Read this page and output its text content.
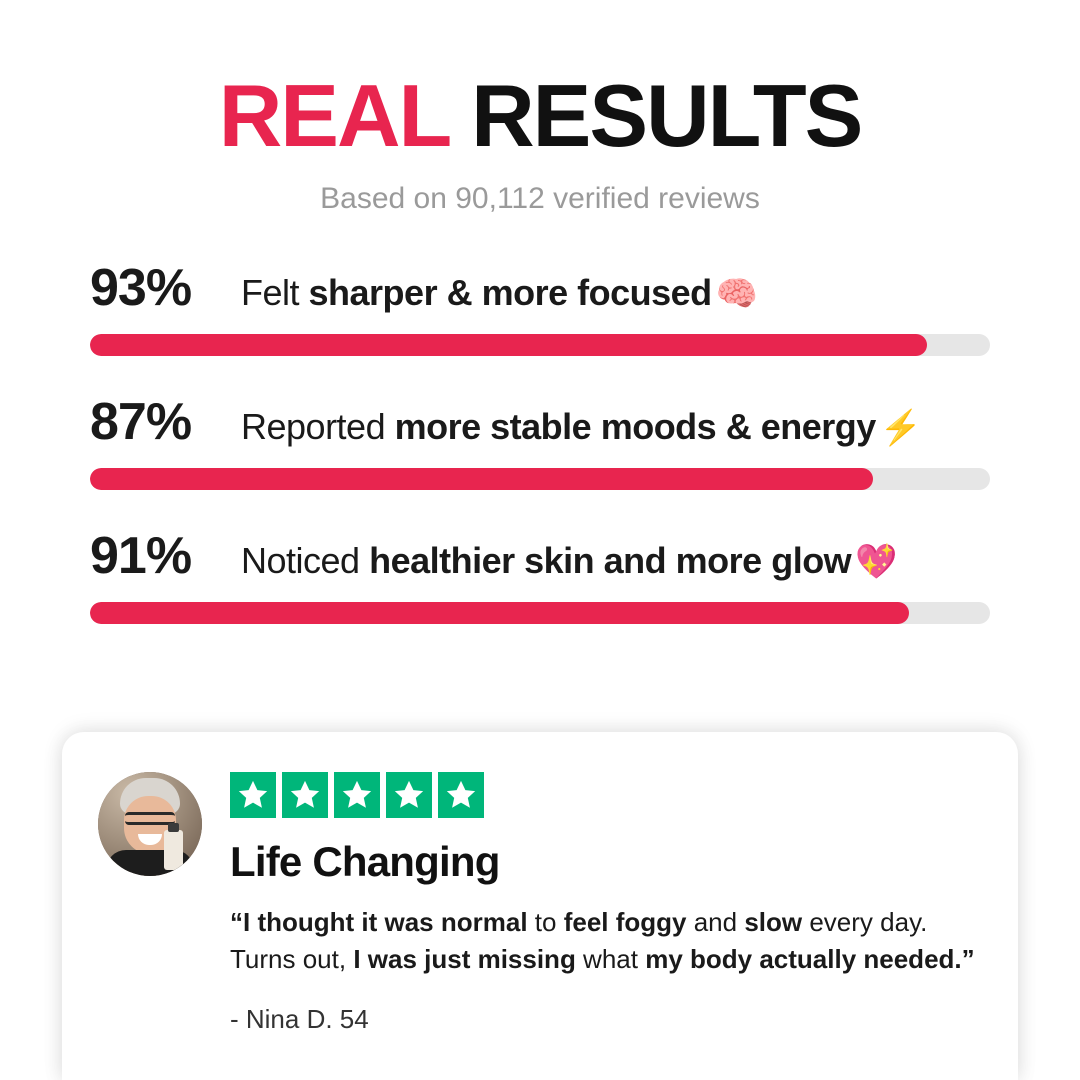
REAL RESULTS

Based on 90,112 verified reviews

93%	Felt sharper & more focused 🧠
87%	Reported more stable moods & energy ⚡
91%	Noticed healthier skin and more glow 💖
Life Changing

“I thought it was normal to feel foggy and slow every day.
Turns out, I was just missing what my body actually needed.”

- Nina D. 54
